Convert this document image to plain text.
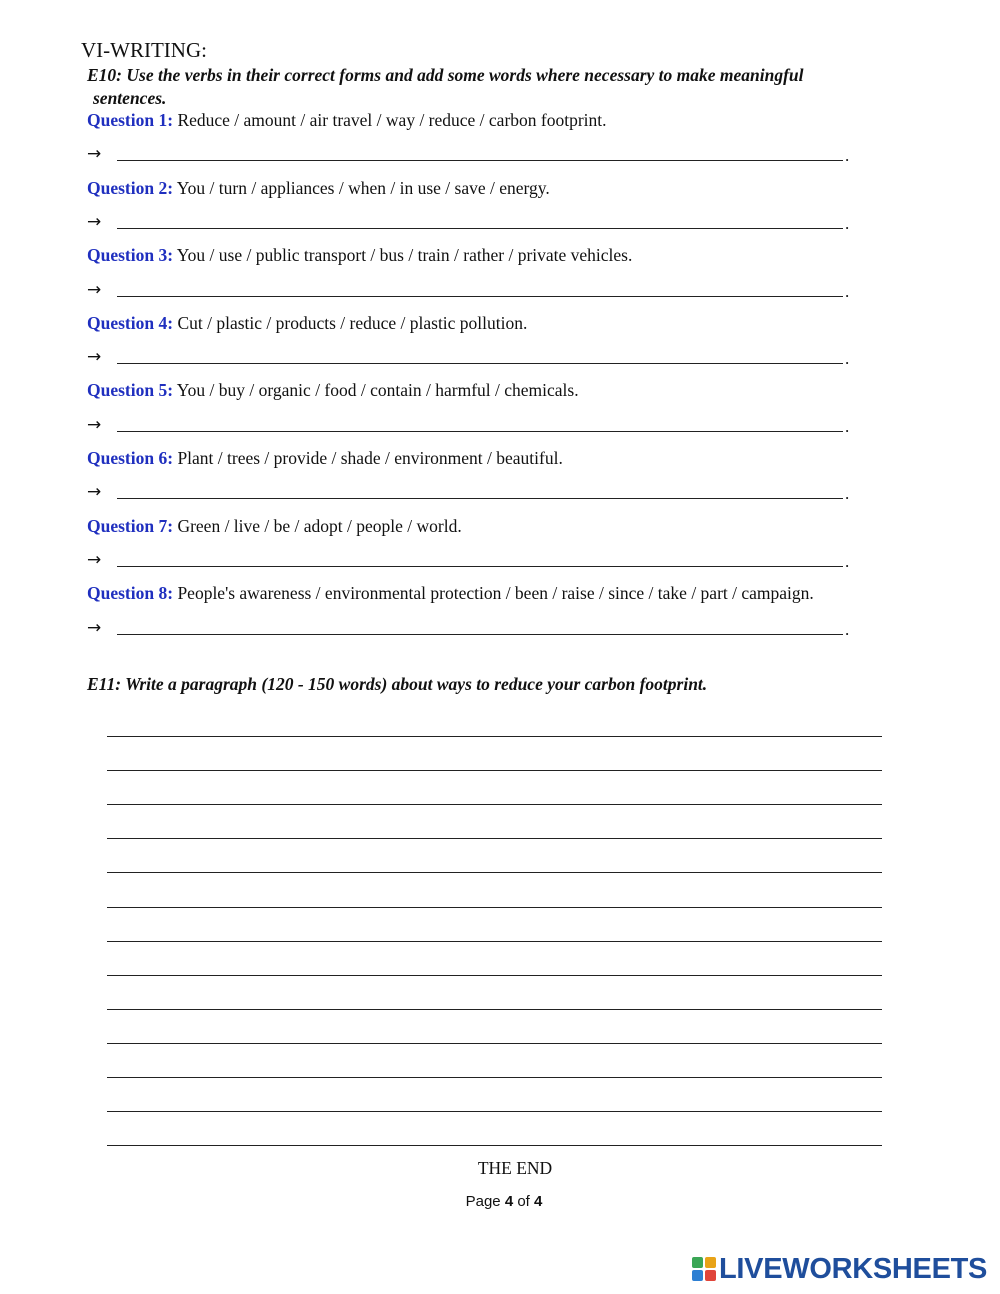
VI-WRITING:
E10: Use the verbs in their correct forms and add some words where necessary to make meaningful
sentences.
Question 1: Reduce / amount / air travel / way / reduce / carbon footprint.
→	.
Question 2: You / turn / appliances / when / in use / save / energy.
→	.
Question 3: You / use / public transport / bus / train / rather / private vehicles.
→	.
Question 4: Cut / plastic / products / reduce / plastic pollution.
→	.
Question 5: You / buy / organic / food / contain / harmful / chemicals.
→	.
Question 6: Plant / trees / provide / shade / environment / beautiful.
→	.
Question 7: Green / live / be / adopt / people / world.
→	.
Question 8: People's awareness / environmental protection / been / raise / since / take / part / campaign.
→	.
E11: Write a paragraph (120 - 150 words) about ways to reduce your carbon footprint.
THE END
Page 4 of 4
LIVEWORKSHEETS
